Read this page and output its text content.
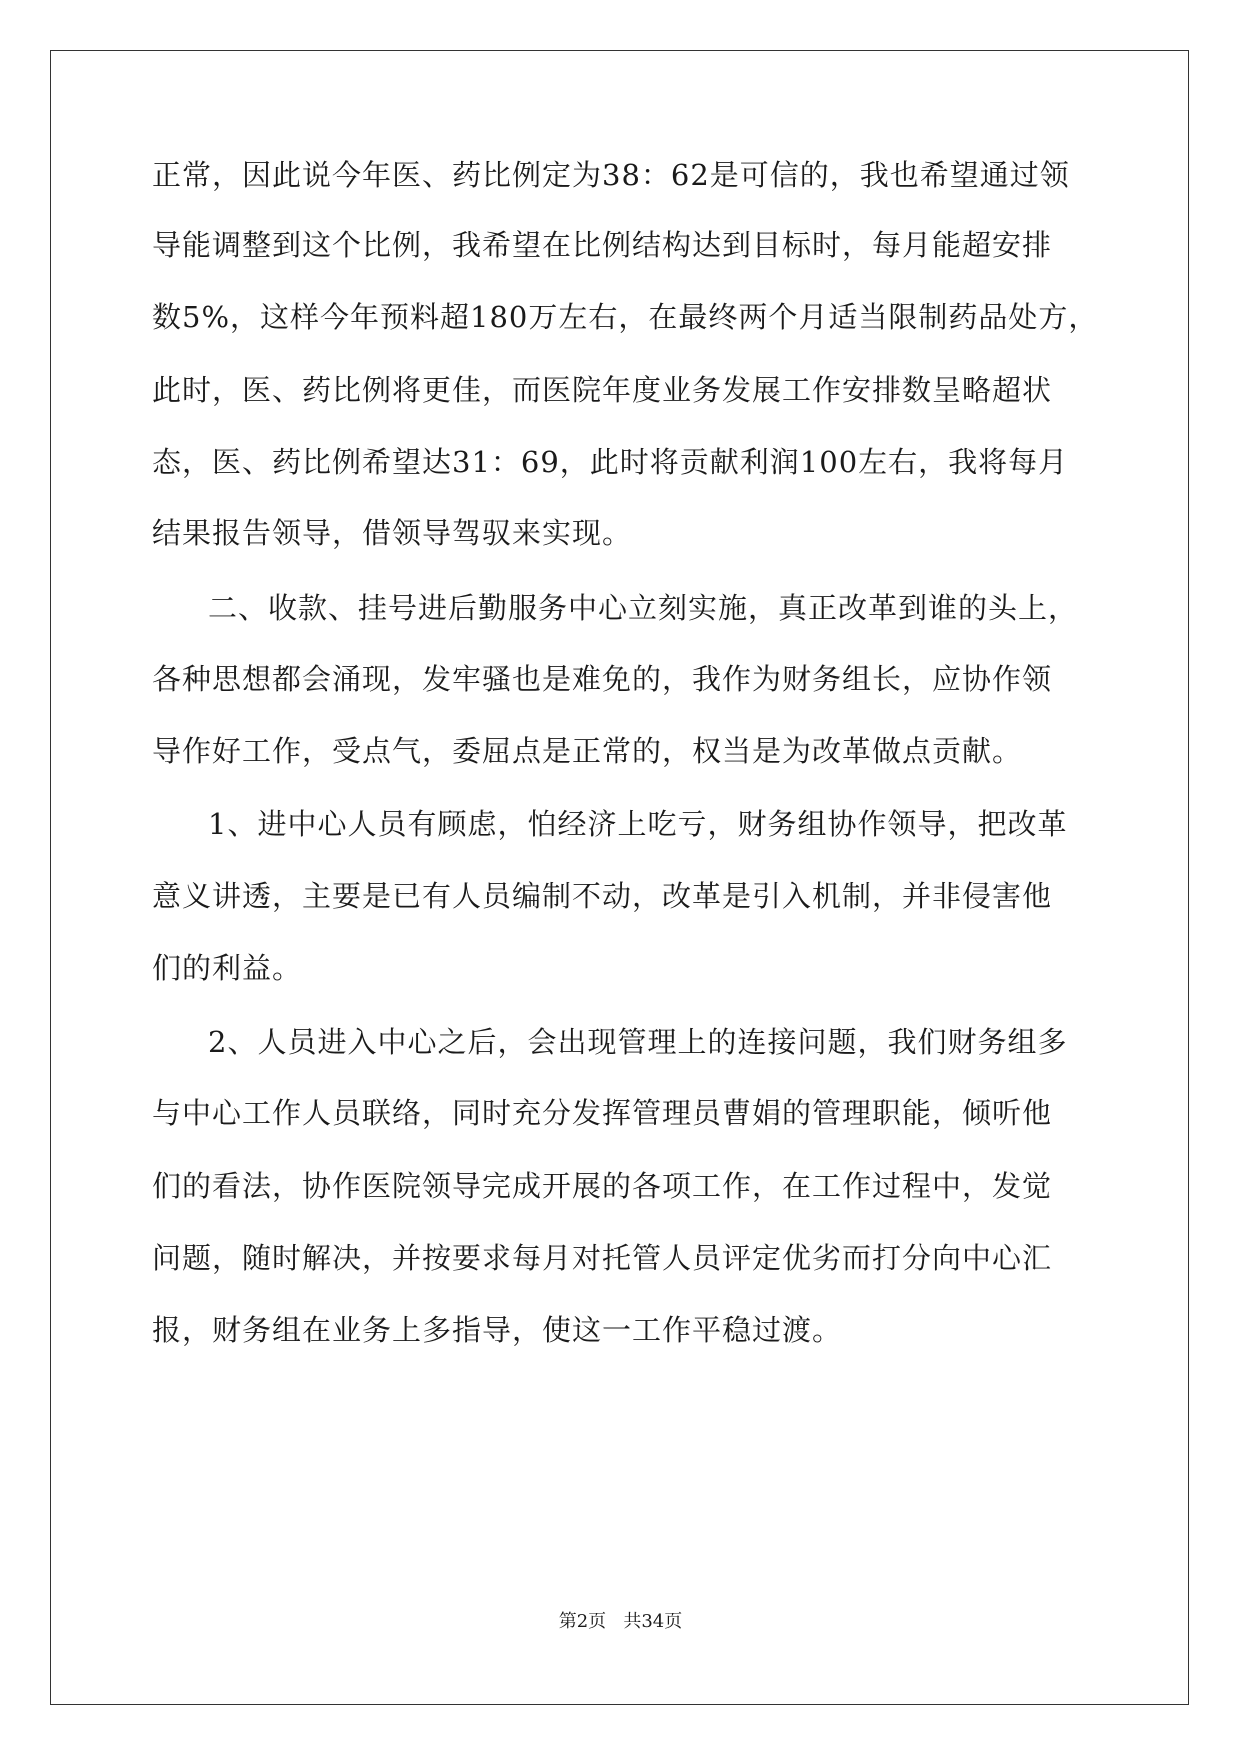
正常，因此说今年医、药比例定为38：62是可信的，我也希望通过领
导能调整到这个比例，我希望在比例结构达到目标时，每月能超安排
数5%，这样今年预料超180万左右，在最终两个月适当限制药品处方，
此时，医、药比例将更佳，而医院年度业务发展工作安排数呈略超状
态，医、药比例希望达31：69，此时将贡献利润100左右，我将每月
结果报告领导，借领导驾驭来实现。
二、收款、挂号进后勤服务中心立刻实施，真正改革到谁的头上，
各种思想都会涌现，发牢骚也是难免的，我作为财务组长，应协作领
导作好工作，受点气，委屈点是正常的，权当是为改革做点贡献。
1、进中心人员有顾虑，怕经济上吃亏，财务组协作领导，把改革
意义讲透，主要是已有人员编制不动，改革是引入机制，并非侵害他
们的利益。
2、人员进入中心之后，会出现管理上的连接问题，我们财务组多
与中心工作人员联络，同时充分发挥管理员曹娟的管理职能，倾听他
们的看法，协作医院领导完成开展的各项工作，在工作过程中，发觉
问题，随时解决，并按要求每月对托管人员评定优劣而打分向中心汇
报，财务组在业务上多指导，使这一工作平稳过渡。
第2页   共34页
